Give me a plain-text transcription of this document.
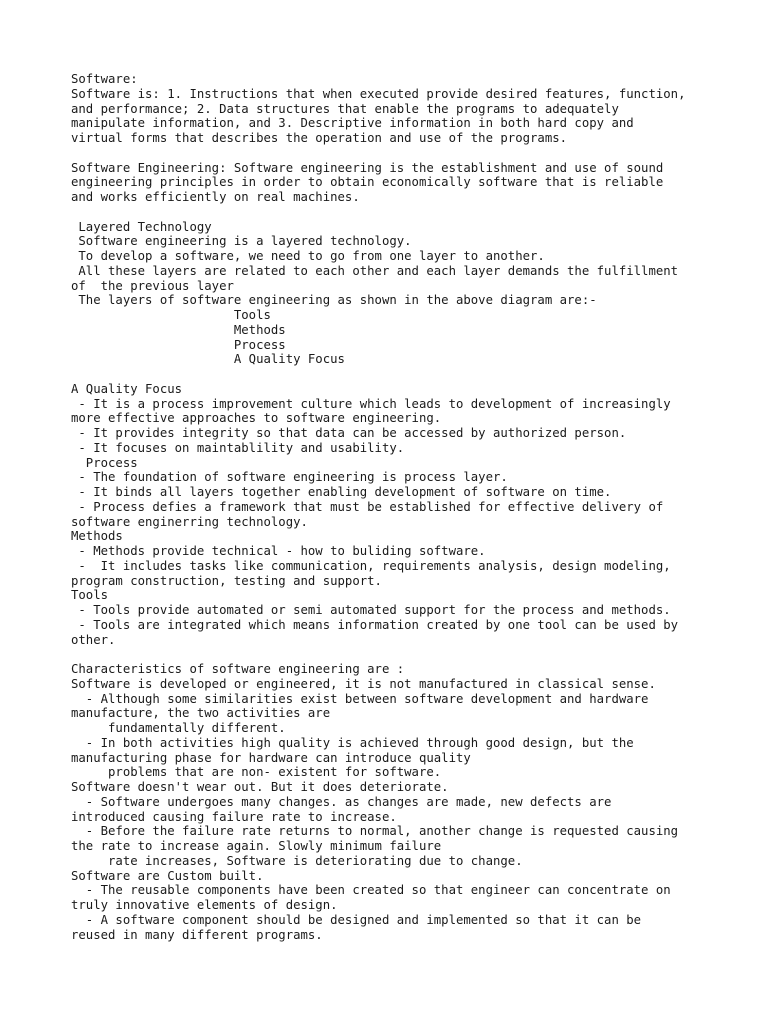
Software:
Software is: 1. Instructions that when executed provide desired features, function,
and performance; 2. Data structures that enable the programs to adequately
manipulate information, and 3. Descriptive information in both hard copy and
virtual forms that describes the operation and use of the programs.
Software Engineering: Software engineering is the establishment and use of sound
engineering principles in order to obtain economically software that is reliable
and works efficiently on real machines.
Layered Technology
Software engineering is a layered technology.
To develop a software, we need to go from one layer to another.
All these layers are related to each other and each layer demands the fulfillment
of  the previous layer
The layers of software engineering as shown in the above diagram are:-
Tools
Methods
Process
A Quality Focus
A Quality Focus
- It is a process improvement culture which leads to development of increasingly
more effective approaches to software engineering.
- It provides integrity so that data can be accessed by authorized person.
- It focuses on maintablility and usability.
Process
- The foundation of software engineering is process layer.
- It binds all layers together enabling development of software on time.
- Process defies a framework that must be established for effective delivery of
software enginerring technology.
Methods
- Methods provide technical - how to buliding software.
-  It includes tasks like communication, requirements analysis, design modeling,
program construction, testing and support.
Tools
- Tools provide automated or semi automated support for the process and methods.
- Tools are integrated which means information created by one tool can be used by
other.
Characteristics of software engineering are :
Software is developed or engineered, it is not manufactured in classical sense.
- Although some similarities exist between software development and hardware
manufacture, the two activities are
fundamentally different.
- In both activities high quality is achieved through good design, but the
manufacturing phase for hardware can introduce quality
problems that are non- existent for software.
Software doesn't wear out. But it does deteriorate.
- Software undergoes many changes. as changes are made, new defects are
introduced causing failure rate to increase.
- Before the failure rate returns to normal, another change is requested causing
the rate to increase again. Slowly minimum failure
rate increases, Software is deteriorating due to change.
Software are Custom built.
- The reusable components have been created so that engineer can concentrate on
truly innovative elements of design.
- A software component should be designed and implemented so that it can be
reused in many different programs.
